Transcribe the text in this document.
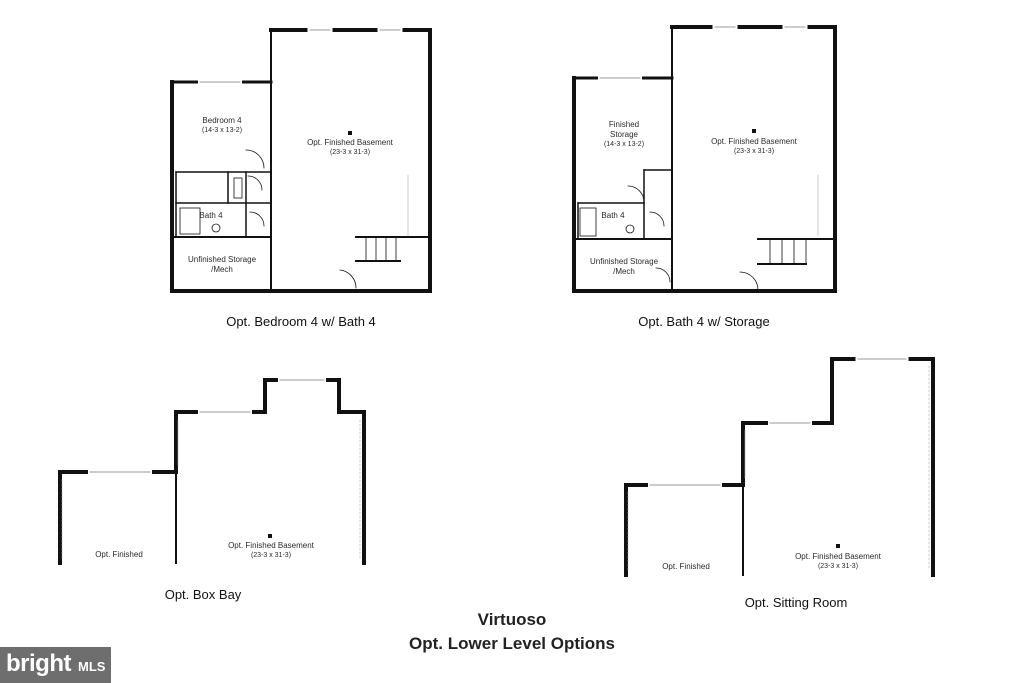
Bedroom 4
(14-3 x 13-2)
Bath 4
Unfinished Storage
/Mech
Opt. Finished Basement
(23-3 x 31-3)
Opt. Bedroom 4 w/ Bath 4
Finished
Storage
(14-3 x 13-2)
Bath 4
Unfinished Storage
/Mech
Opt. Finished Basement
(23-3 x 31-3)
Opt. Bath 4 w/ Storage
Opt. Finished
Opt. Finished Basement
(23-3 x 31-3)
Opt. Box Bay
Opt. Finished
Opt. Finished Basement
(23-3 x 31-3)
Opt. Sitting Room
Virtuoso
Opt. Lower Level Options
bright MLS
